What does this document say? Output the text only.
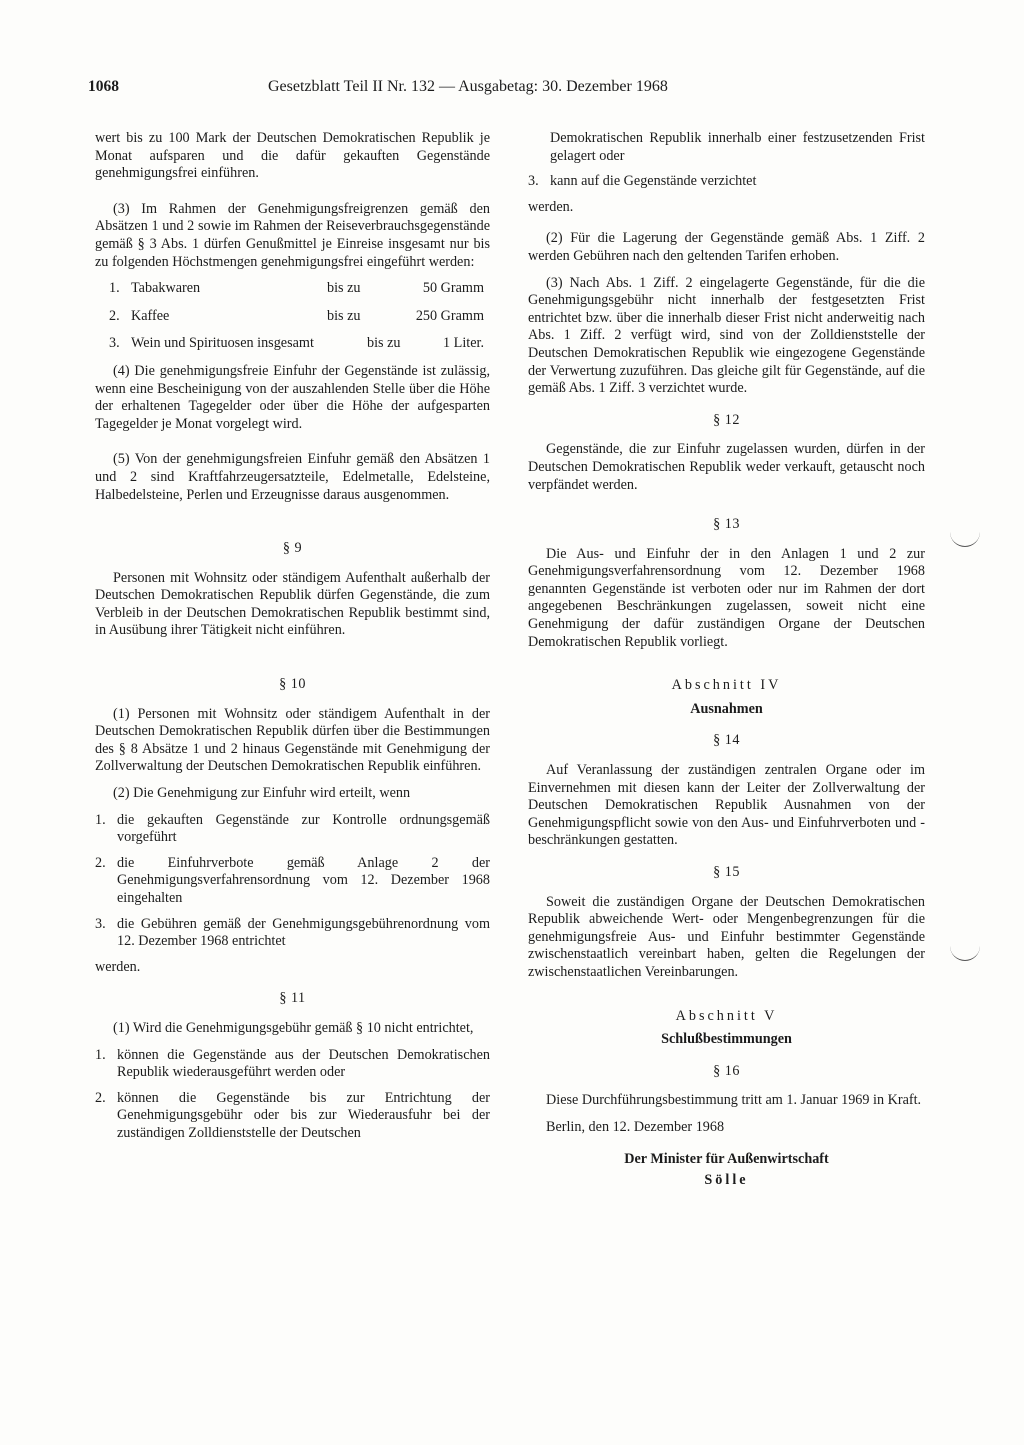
1068	Gesetzblatt Teil II Nr. 132 — Ausgabetag: 30. Dezember 1968

wert bis zu 100 Mark der Deutschen Demokratischen Republik je Monat aufsparen und die dafür gekauften Gegenstände genehmigungsfrei einführen.

(3) Im Rahmen der Genehmigungsfreigrenzen gemäß den Absätzen 1 und 2 sowie im Rahmen der Reiseverbrauchsgegenstände gemäß § 3 Abs. 1 dürfen Genußmittel je Einreise insgesamt nur bis zu folgenden Höchstmengen genehmigungsfrei eingeführt werden:

1. Tabakwaren	bis zu	50 Gramm
2. Kaffee	bis zu	250 Gramm
3. Wein und Spirituosen insgesamt	bis zu	1 Liter.

(4) Die genehmigungsfreie Einfuhr der Gegenstände ist zulässig, wenn eine Bescheinigung von der auszahlenden Stelle über die Höhe der erhaltenen Tagegelder oder über die Höhe der aufgesparten Tagegelder je Monat vorgelegt wird.

(5) Von der genehmigungsfreien Einfuhr gemäß den Absätzen 1 und 2 sind Kraftfahrzeugersatzteile, Edelmetalle, Edelsteine, Halbedelsteine, Perlen und Erzeugnisse daraus ausgenommen.

§ 9

Personen mit Wohnsitz oder ständigem Aufenthalt außerhalb der Deutschen Demokratischen Republik dürfen Gegenstände, die zum Verbleib in der Deutschen Demokratischen Republik bestimmt sind, in Ausübung ihrer Tätigkeit nicht einführen.

§ 10

(1) Personen mit Wohnsitz oder ständigem Aufenthalt in der Deutschen Demokratischen Republik dürfen über die Bestimmungen des § 8 Absätze 1 und 2 hinaus Gegenstände mit Genehmigung der Zollverwaltung der Deutschen Demokratischen Republik einführen.

(2) Die Genehmigung zur Einfuhr wird erteilt, wenn

1. die gekauften Gegenstände zur Kontrolle ordnungsgemäß vorgeführt
2. die Einfuhrverbote gemäß Anlage 2 der Genehmigungsverfahrensordnung vom 12. Dezember 1968 eingehalten
3. die Gebühren gemäß der Genehmigungsgebührenordnung vom 12. Dezember 1968 entrichtet

werden.

§ 11

(1) Wird die Genehmigungsgebühr gemäß § 10 nicht entrichtet,

1. können die Gegenstände aus der Deutschen Demokratischen Republik wiederausgeführt werden oder
2. können die Gegenstände bis zur Entrichtung der Genehmigungsgebühr oder bis zur Wiederausfuhr bei der zuständigen Zolldienststelle der Deutschen
Demokratischen Republik innerhalb einer festzusetzenden Frist gelagert oder
3. kann auf die Gegenstände verzichtet

werden.

(2) Für die Lagerung der Gegenstände gemäß Abs. 1 Ziff. 2 werden Gebühren nach den geltenden Tarifen erhoben.

(3) Nach Abs. 1 Ziff. 2 eingelagerte Gegenstände, für die die Genehmigungsgebühr nicht innerhalb der festgesetzten Frist entrichtet bzw. über die innerhalb dieser Frist nicht anderweitig nach Abs. 1 Ziff. 2 verfügt wird, sind von der Zolldienststelle der Deutschen Demokratischen Republik wie eingezogene Gegenstände der Verwertung zuzuführen. Das gleiche gilt für Gegenstände, auf die gemäß Abs. 1 Ziff. 3 verzichtet wurde.

§ 12

Gegenstände, die zur Einfuhr zugelassen wurden, dürfen in der Deutschen Demokratischen Republik weder verkauft, getauscht noch verpfändet werden.

§ 13

Die Aus- und Einfuhr der in den Anlagen 1 und 2 zur Genehmigungsverfahrensordnung vom 12. Dezember 1968 genannten Gegenstände ist verboten oder nur im Rahmen der dort angegebenen Beschränkungen zugelassen, soweit nicht eine Genehmigung der dafür zuständigen Organe der Deutschen Demokratischen Republik vorliegt.

Abschnitt IV
Ausnahmen
§ 14

Auf Veranlassung der zuständigen zentralen Organe oder im Einvernehmen mit diesen kann der Leiter der Zollverwaltung der Deutschen Demokratischen Republik Ausnahmen von der Genehmigungspflicht sowie von den Aus- und Einfuhrverboten und -beschränkungen gestatten.

§ 15

Soweit die zuständigen Organe der Deutschen Demokratischen Republik abweichende Wert- oder Mengenbegrenzungen für die genehmigungsfreie Aus- und Einfuhr bestimmter Gegenstände zwischenstaatlich vereinbart haben, gelten die Regelungen der zwischenstaatlichen Vereinbarungen.

Abschnitt V
Schlußbestimmungen
§ 16

Diese Durchführungsbestimmung tritt am 1. Januar 1969 in Kraft.

Berlin, den 12. Dezember 1968

Der Minister für Außenwirtschaft
Sölle
